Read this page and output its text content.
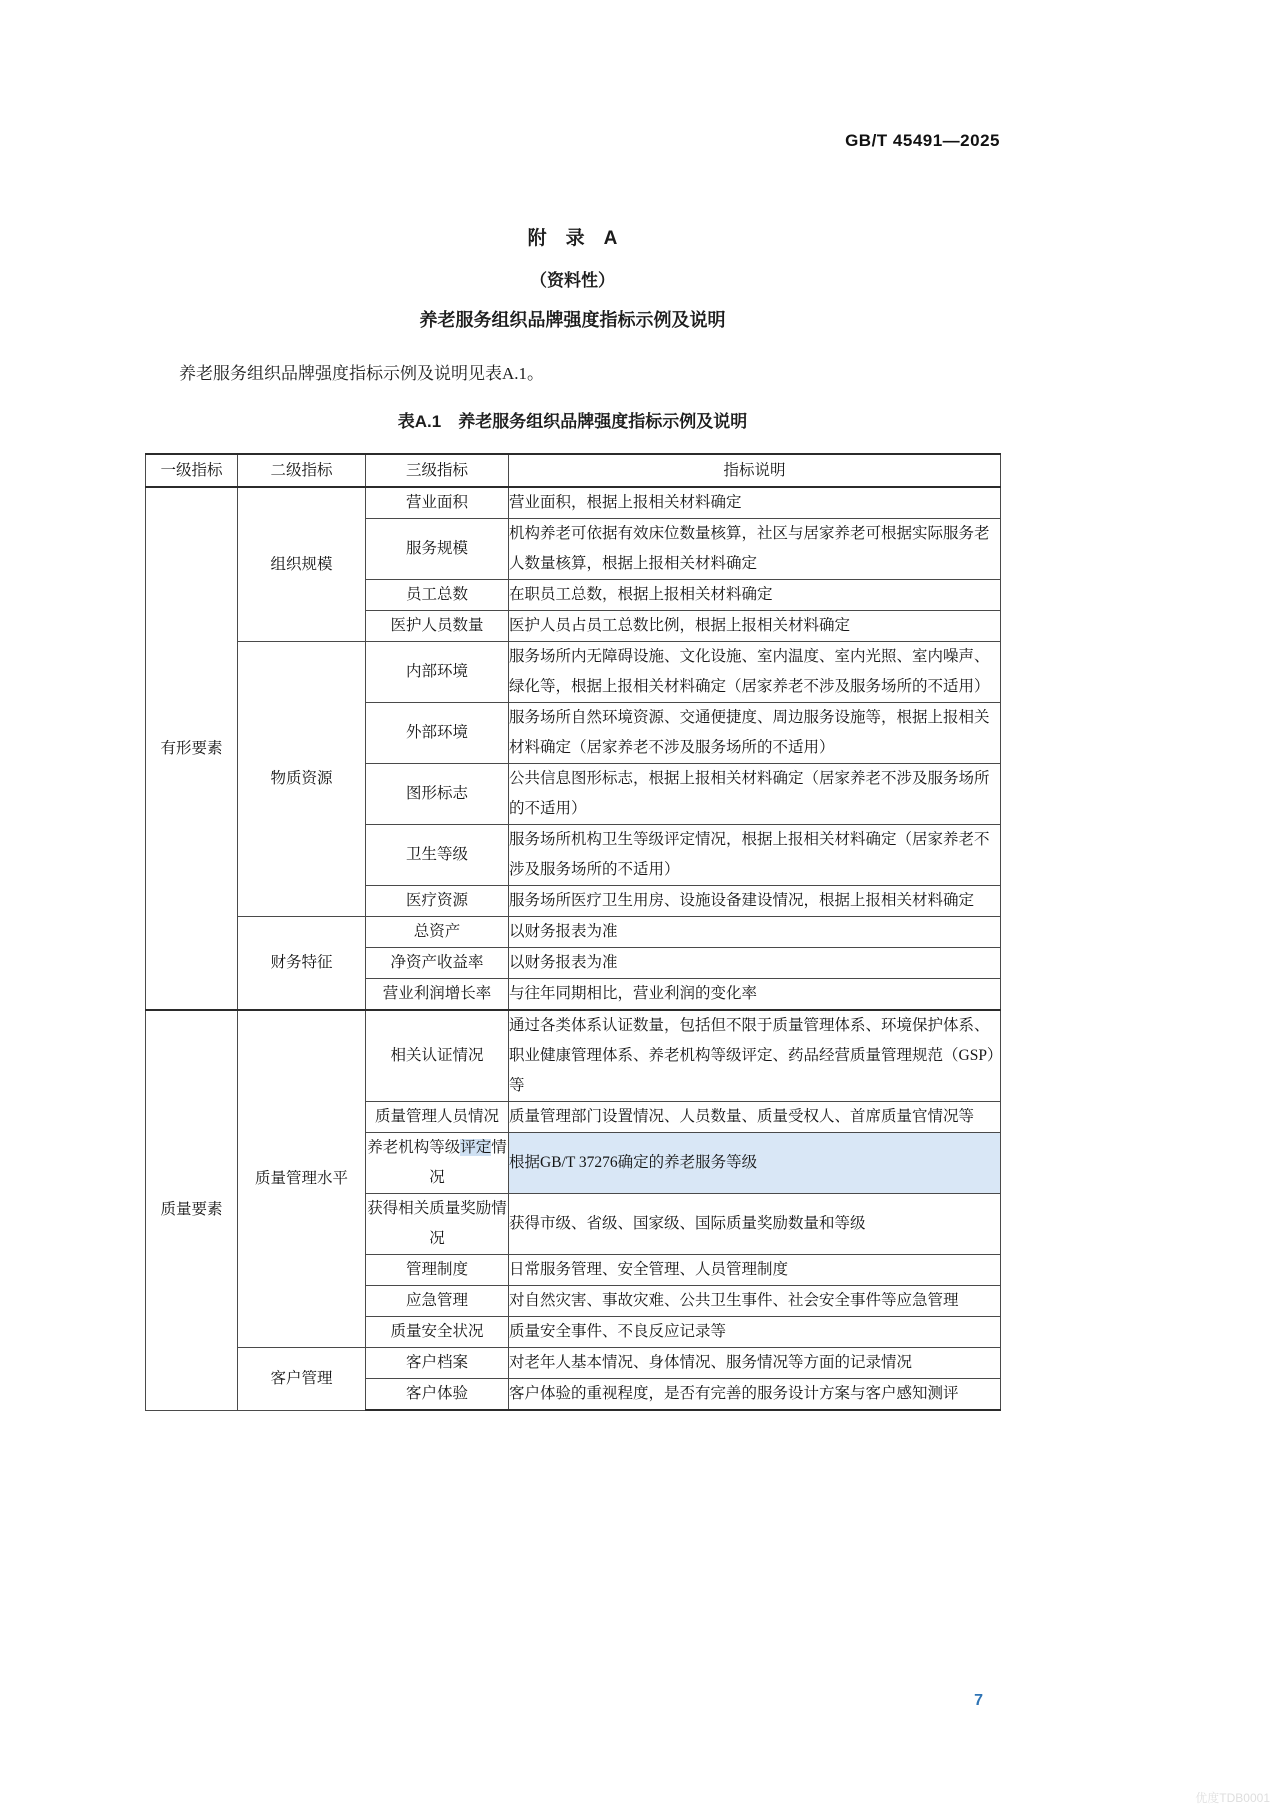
GB/T 45491—2025
附　录　A
（资料性）
养老服务组织品牌强度指标示例及说明
养老服务组织品牌强度指标示例及说明见表A.1。
表A.1　养老服务组织品牌强度指标示例及说明
一级指标	二级指标	三级指标	指标说明
有形要素	组织规模	营业面积	营业面积，根据上报相关材料确定
		服务规模	机构养老可依据有效床位数量核算，社区与居家养老可根据实际服务老人数量核算，根据上报相关材料确定
		员工总数	在职员工总数，根据上报相关材料确定
		医护人员数量	医护人员占员工总数比例，根据上报相关材料确定
	物质资源	内部环境	服务场所内无障碍设施、文化设施、室内温度、室内光照、室内噪声、绿化等，根据上报相关材料确定（居家养老不涉及服务场所的不适用）
		外部环境	服务场所自然环境资源、交通便捷度、周边服务设施等，根据上报相关材料确定（居家养老不涉及服务场所的不适用）
		图形标志	公共信息图形标志，根据上报相关材料确定（居家养老不涉及服务场所的不适用）
		卫生等级	服务场所机构卫生等级评定情况，根据上报相关材料确定（居家养老不涉及服务场所的不适用）
		医疗资源	服务场所医疗卫生用房、设施设备建设情况，根据上报相关材料确定
	财务特征	总资产	以财务报表为准
		净资产收益率	以财务报表为准
		营业利润增长率	与往年同期相比，营业利润的变化率
质量要素	质量管理水平	相关认证情况	通过各类体系认证数量，包括但不限于质量管理体系、环境保护体系、职业健康管理体系、养老机构等级评定、药品经营质量管理规范（GSP）等
		质量管理人员情况	质量管理部门设置情况、人员数量、质量受权人、首席质量官情况等
		养老机构等级评定情况	根据GB/T 37276确定的养老服务等级
		获得相关质量奖励情况	获得市级、省级、国家级、国际质量奖励数量和等级
		管理制度	日常服务管理、安全管理、人员管理制度
		应急管理	对自然灾害、事故灾难、公共卫生事件、社会安全事件等应急管理
		质量安全状况	质量安全事件、不良反应记录等
	客户管理	客户档案	对老年人基本情况、身体情况、服务情况等方面的记录情况
		客户体验	客户体验的重视程度，是否有完善的服务设计方案与客户感知测评
7
优度TDB0001
